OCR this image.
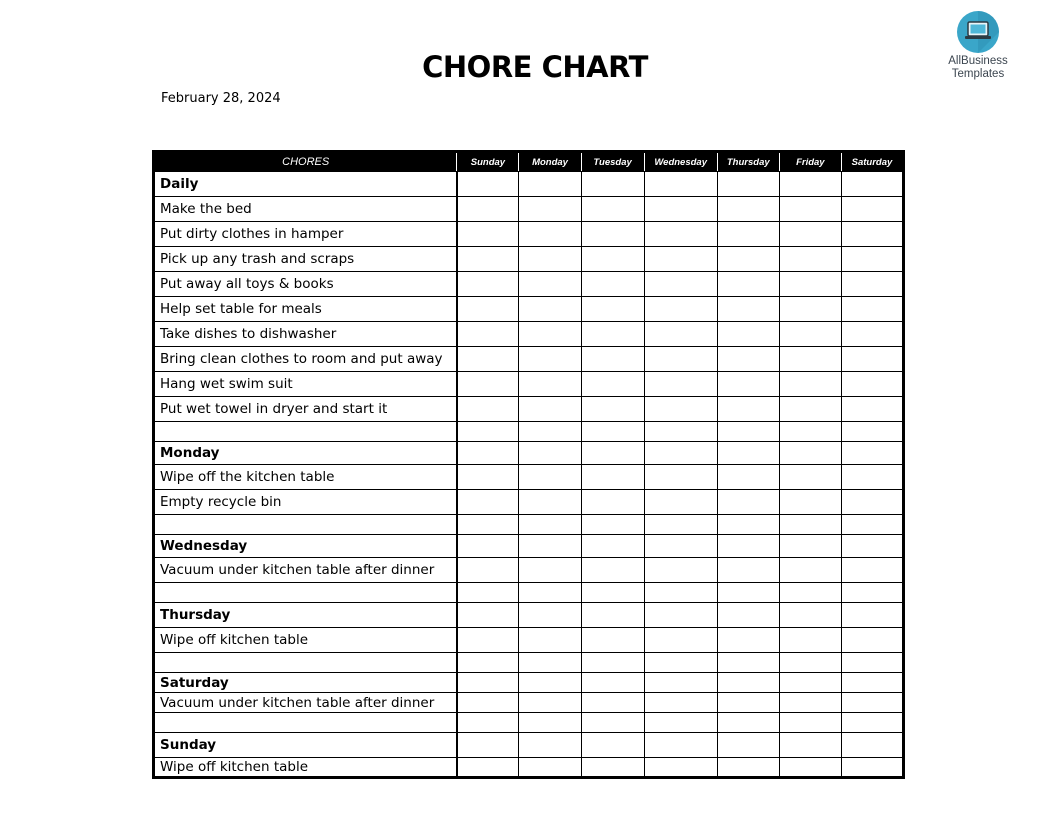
CHORE CHART
February 28, 2024
AllBusiness
Templates
CHORES	Sunday	Monday	Tuesday	Wednesday	Thursday	Friday	Saturday
Daily							
Make the bed							
Put dirty clothes in hamper							
Pick up any trash and scraps							
Put away all toys & books							
Help set table for meals							
Take dishes to dishwasher							
Bring clean clothes to room and put away							
Hang wet swim suit							
Put wet towel in dryer and start it							

Monday							
Wipe off the kitchen table							
Empty recycle bin							

Wednesday							
Vacuum under kitchen table after dinner							

Thursday							
Wipe off kitchen table							

Saturday							
Vacuum under kitchen table after dinner							

Sunday							
Wipe off kitchen table							
